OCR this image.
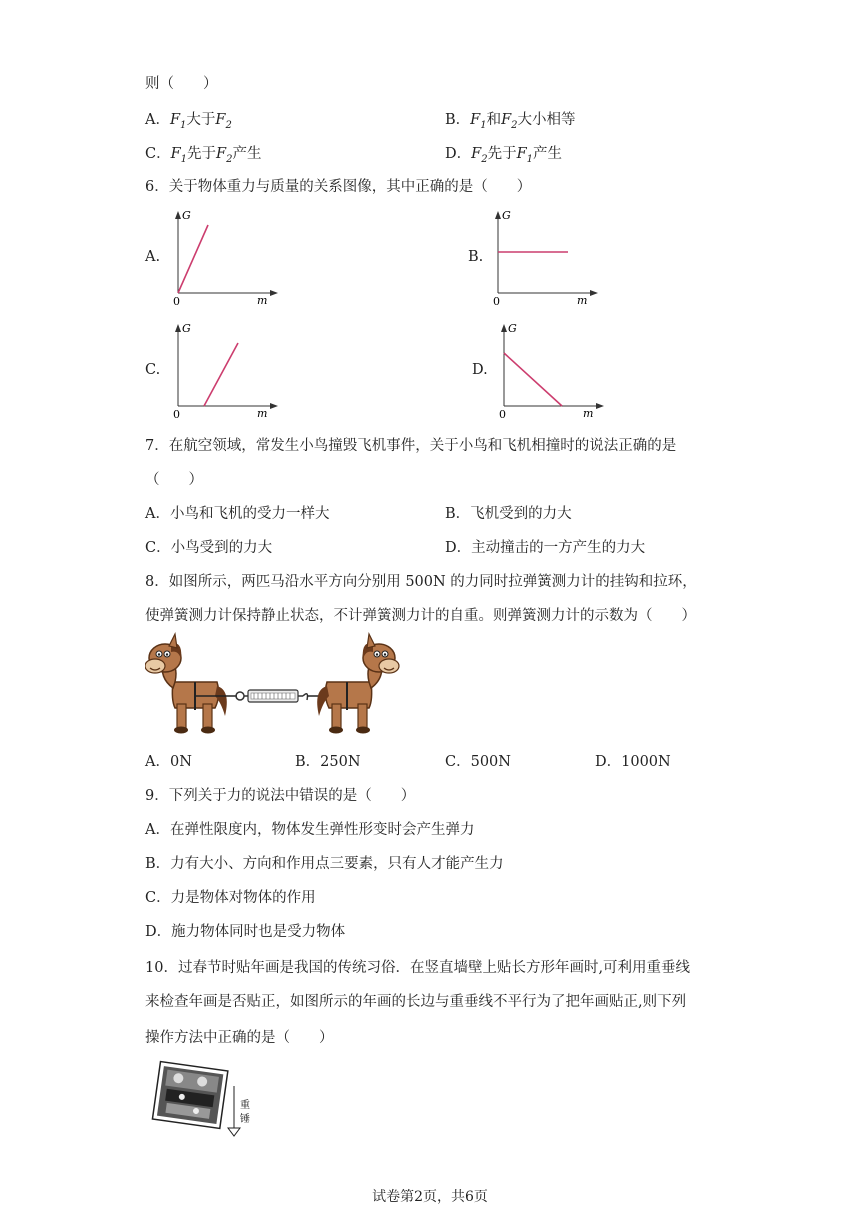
则（　　）
A．$F_1$大于$F_2$	B．$F_1$和$F_2$大小相等
C．$F_1$先于$F_2$产生	D．$F_2$先于$F_1$产生
6．关于物体重力与质量的关系图像，其中正确的是（　　）
A.
G
0	m
B.
G
0	m
C.
G
0	m
D.
G
0	m
7．在航空领域，常发生小鸟撞毁飞机事件，关于小鸟和飞机相撞时的说法正确的是
（　　）
A．小鸟和飞机的受力一样大	B．飞机受到的力大
C．小鸟受到的力大	D．主动撞击的一方产生的力大
8．如图所示，两匹马沿水平方向分别用 500N 的力同时拉弹簧测力计的挂钩和拉环，
使弹簧测力计保持静止状态，不计弹簧测力计的自重。则弹簧测力计的示数为（　　）
A．0N	B．250N	C．500N	D．1000N
9．下列关于力的说法中错误的是（　　）
A．在弹性限度内，物体发生弹性形变时会产生弹力
B．力有大小、方向和作用点三要素，只有人才能产生力
C．力是物体对物体的作用
D．施力物体同时也是受力物体
10．过春节时贴年画是我国的传统习俗．在竖直墙壁上贴长方形年画时,可利用重垂线
来检查年画是否贴正，如图所示的年画的长边与重垂线不平行为了把年画贴正,则下列
操作方法中正确的是（　　）
重 锤
试卷第2页，共6页
